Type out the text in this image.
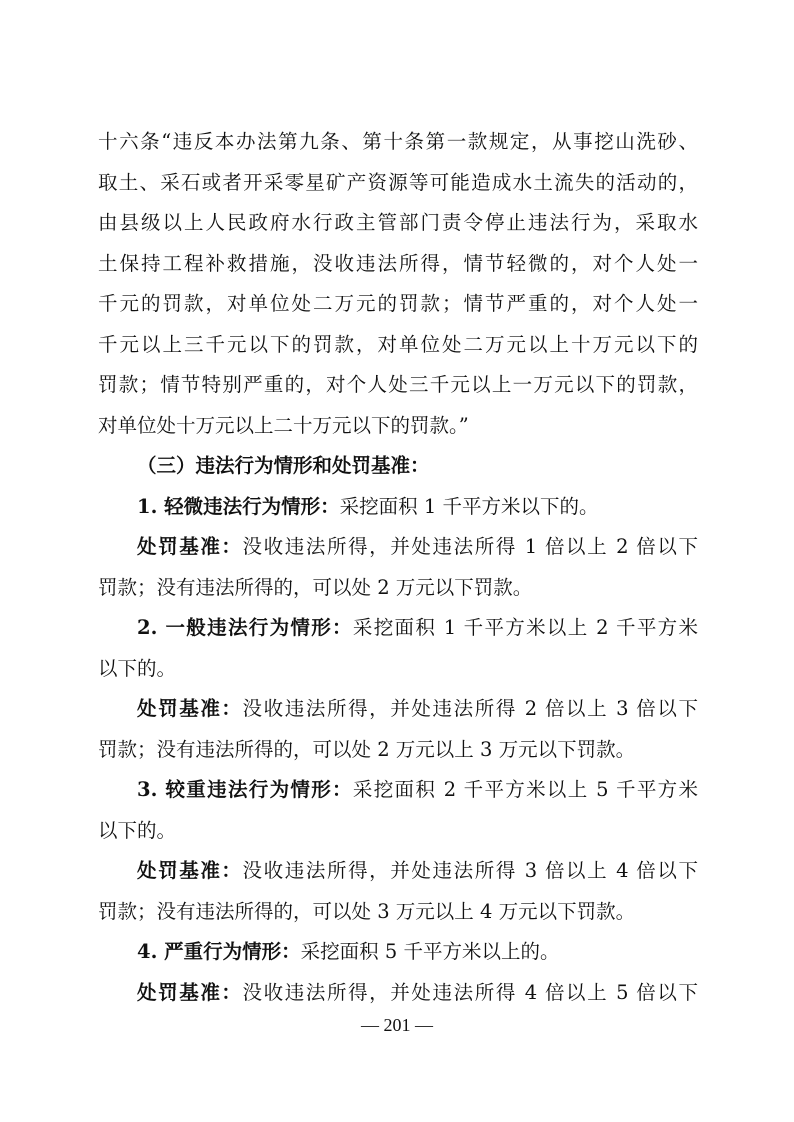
十六条“违反本办法第九条、第十条第一款规定，从事挖山洗砂、
取土、采石或者开采零星矿产资源等可能造成水土流失的活动的，
由县级以上人民政府水行政主管部门责令停止违法行为，采取水
土保持工程补救措施，没收违法所得，情节轻微的，对个人处一
千元的罚款，对单位处二万元的罚款；情节严重的，对个人处一
千元以上三千元以下的罚款，对单位处二万元以上十万元以下的
罚款；情节特别严重的，对个人处三千元以上一万元以下的罚款，
对单位处十万元以上二十万元以下的罚款。”

（三）违法行为情形和处罚基准：

1. 轻微违法行为情形：采挖面积 1 千平方米以下的。

处罚基准：没收违法所得，并处违法所得 1 倍以上 2 倍以下
罚款；没有违法所得的，可以处 2 万元以下罚款。

2. 一般违法行为情形：采挖面积 1 千平方米以上 2 千平方米
以下的。

处罚基准：没收违法所得，并处违法所得 2 倍以上 3 倍以下
罚款；没有违法所得的，可以处 2 万元以上 3 万元以下罚款。

3. 较重违法行为情形：采挖面积 2 千平方米以上 5 千平方米
以下的。

处罚基准：没收违法所得，并处违法所得 3 倍以上 4 倍以下
罚款；没有违法所得的，可以处 3 万元以上 4 万元以下罚款。

4. 严重行为情形：采挖面积 5 千平方米以上的。

处罚基准：没收违法所得，并处违法所得 4 倍以上 5 倍以下

— 201 —
